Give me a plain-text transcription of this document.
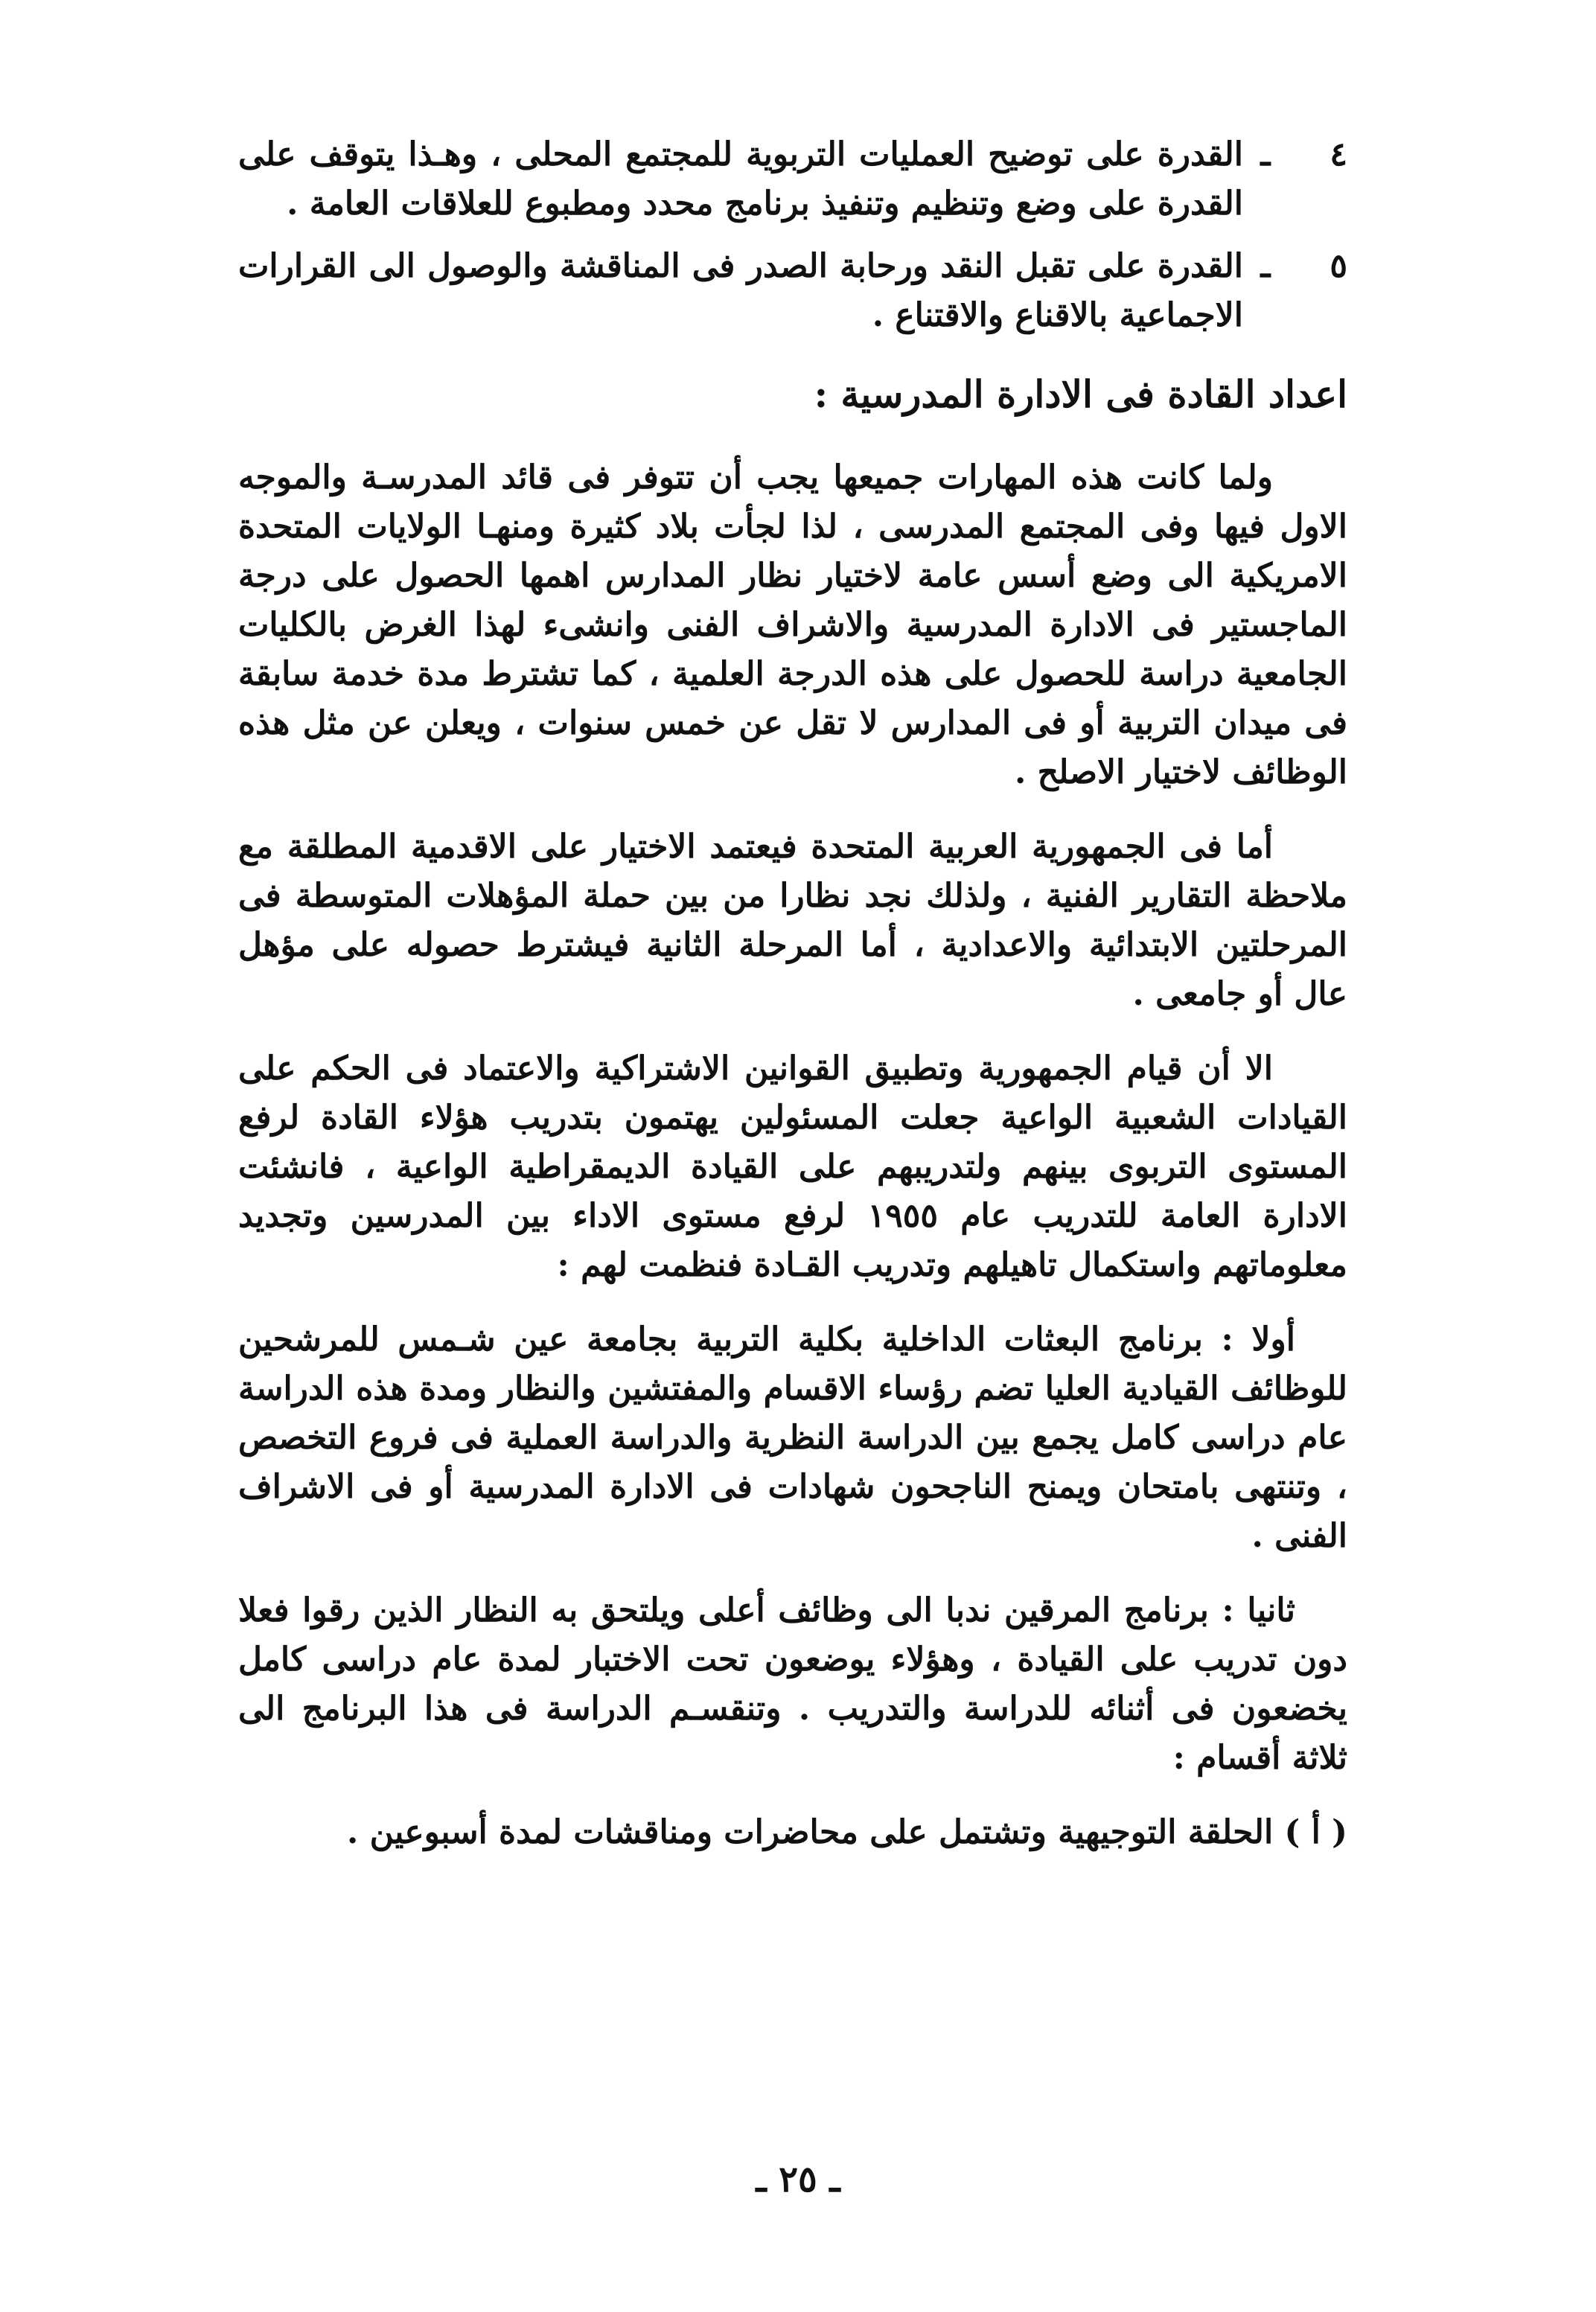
٤
ـ
القدرة على توضيح العمليات التربوية للمجتمع المحلى ، وهـذا يتوقف على القدرة على وضع وتنظيم وتنفيذ برنامج محدد ومطبوع للعلاقات العامة .
٥
ـ
القدرة على تقبل النقد ورحابة الصدر فى المناقشة والوصول الى القرارات الاجماعية بالاقناع والاقتناع .
اعداد القادة فى الادارة المدرسية :

ولما كانت هذه المهارات جميعها يجب أن تتوفر فى قائد المدرسـة والموجه الاول فيها وفى المجتمع المدرسى ، لذا لجأت بلاد كثيرة ومنهـا الولايات المتحدة الامريكية الى وضع أسس عامة لاختيار نظار المدارس اهمها الحصول على درجة الماجستير فى الادارة المدرسية والاشراف الفنى وانشىء لهذا الغرض بالكليات الجامعية دراسة للحصول على هذه الدرجة العلمية ، كما تشترط مدة خدمة سابقة فى ميدان التربية أو فى المدارس لا تقل عن خمس سنوات ، ويعلن عن مثل هذه الوظائف لاختيار الاصلح .

أما فى الجمهورية العربية المتحدة فيعتمد الاختيار على الاقدمية المطلقة مع ملاحظة التقارير الفنية ، ولذلك نجد نظارا من بين حملة المؤهلات المتوسطة فى المرحلتين الابتدائية والاعدادية ، أما المرحلة الثانية فيشترط حصوله على مؤهل عال أو جامعى .

الا أن قيام الجمهورية وتطبيق القوانين الاشتراكية والاعتماد فى الحكم على القيادات الشعبية الواعية جعلت المسئولين يهتمون بتدريب هؤلاء القادة لرفع المستوى التربوى بينهم ولتدريبهم على القيادة الديمقراطية الواعية ، فانشئت الادارة العامة للتدريب عام ١٩٥٥ لرفع مستوى الاداء بين المدرسين وتجديد معلوماتهم واستكمال تاهيلهم وتدريب القـادة فنظمت لهم :

أولا : برنامج البعثات الداخلية بكلية التربية بجامعة عين شـمس للمرشحين للوظائف القيادية العليا تضم رؤساء الاقسام والمفتشين والنظار ومدة هذه الدراسة عام دراسى كامل يجمع بين الدراسة النظرية والدراسة العملية فى فروع التخصص ، وتنتهى بامتحان ويمنح الناجحون شهادات فى الادارة المدرسية أو فى الاشراف الفنى .

ثانيا : برنامج المرقين ندبا الى وظائف أعلى ويلتحق به النظار الذين رقوا فعلا دون تدريب على القيادة ، وهؤلاء يوضعون تحت الاختبار لمدة عام دراسى كامل يخضعون فى أثنائه للدراسة والتدريب . وتنقسـم الدراسة فى هذا البرنامج الى ثلاثة أقسام :

( أ ) الحلقة التوجيهية وتشتمل على محاضرات ومناقشات لمدة أسبوعين .

ـ ٢٥ ـ
